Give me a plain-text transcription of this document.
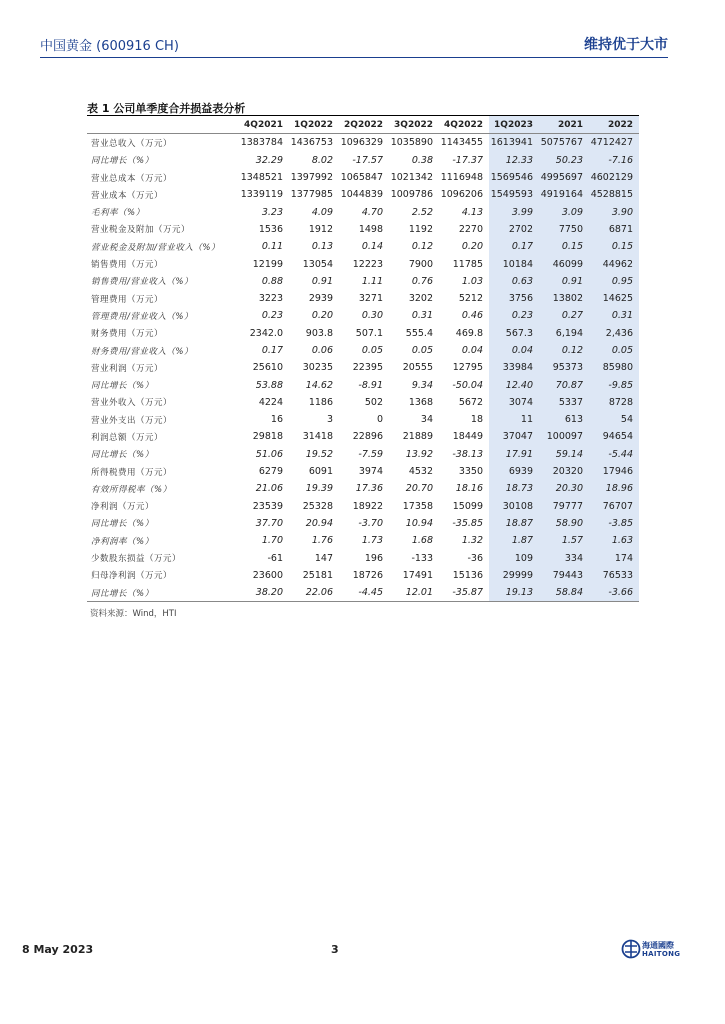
中国黄金 (600916 CH)	维持优于大市
表 1 公司单季度合并损益表分析
	4Q2021	1Q2022	2Q2022	3Q2022	4Q2022	1Q2023	2021	2022
营业总收入（万元）	1383784	1436753	1096329	1035890	1143455	1613941	5075767	4712427
同比增长（%）	32.29	8.02	-17.57	0.38	-17.37	12.33	50.23	-7.16
营业总成本（万元）	1348521	1397992	1065847	1021342	1116948	1569546	4995697	4602129
营业成本（万元）	1339119	1377985	1044839	1009786	1096206	1549593	4919164	4528815
毛利率（%）	3.23	4.09	4.70	2.52	4.13	3.99	3.09	3.90
营业税金及附加（万元）	1536	1912	1498	1192	2270	2702	7750	6871
营业税金及附加/营业收入（%）	0.11	0.13	0.14	0.12	0.20	0.17	0.15	0.15
销售费用（万元）	12199	13054	12223	7900	11785	10184	46099	44962
销售费用/营业收入（%）	0.88	0.91	1.11	0.76	1.03	0.63	0.91	0.95
管理费用（万元）	3223	2939	3271	3202	5212	3756	13802	14625
管理费用/营业收入（%）	0.23	0.20	0.30	0.31	0.46	0.23	0.27	0.31
财务费用（万元）	2342.0	903.8	507.1	555.4	469.8	567.3	6,194	2,436
财务费用/营业收入（%）	0.17	0.06	0.05	0.05	0.04	0.04	0.12	0.05
营业利润（万元）	25610	30235	22395	20555	12795	33984	95373	85980
同比增长（%）	53.88	14.62	-8.91	9.34	-50.04	12.40	70.87	-9.85
营业外收入（万元）	4224	1186	502	1368	5672	3074	5337	8728
营业外支出（万元）	16	3	0	34	18	11	613	54
利润总额（万元）	29818	31418	22896	21889	18449	37047	100097	94654
同比增长（%）	51.06	19.52	-7.59	13.92	-38.13	17.91	59.14	-5.44
所得税费用（万元）	6279	6091	3974	4532	3350	6939	20320	17946
有效所得税率（%）	21.06	19.39	17.36	20.70	18.16	18.73	20.30	18.96
净利润（万元）	23539	25328	18922	17358	15099	30108	79777	76707
同比增长（%）	37.70	20.94	-3.70	10.94	-35.85	18.87	58.90	-3.85
净利润率（%）	1.70	1.76	1.73	1.68	1.32	1.87	1.57	1.63
少数股东损益（万元）	-61	147	196	-133	-36	109	334	174
归母净利润（万元）	23600	25181	18726	17491	15136	29999	79443	76533
同比增长（%）	38.20	22.06	-4.45	12.01	-35.87	19.13	58.84	-3.66
资料来源：Wind，HTI
8 May 2023	3	海通國際
HAITONG
